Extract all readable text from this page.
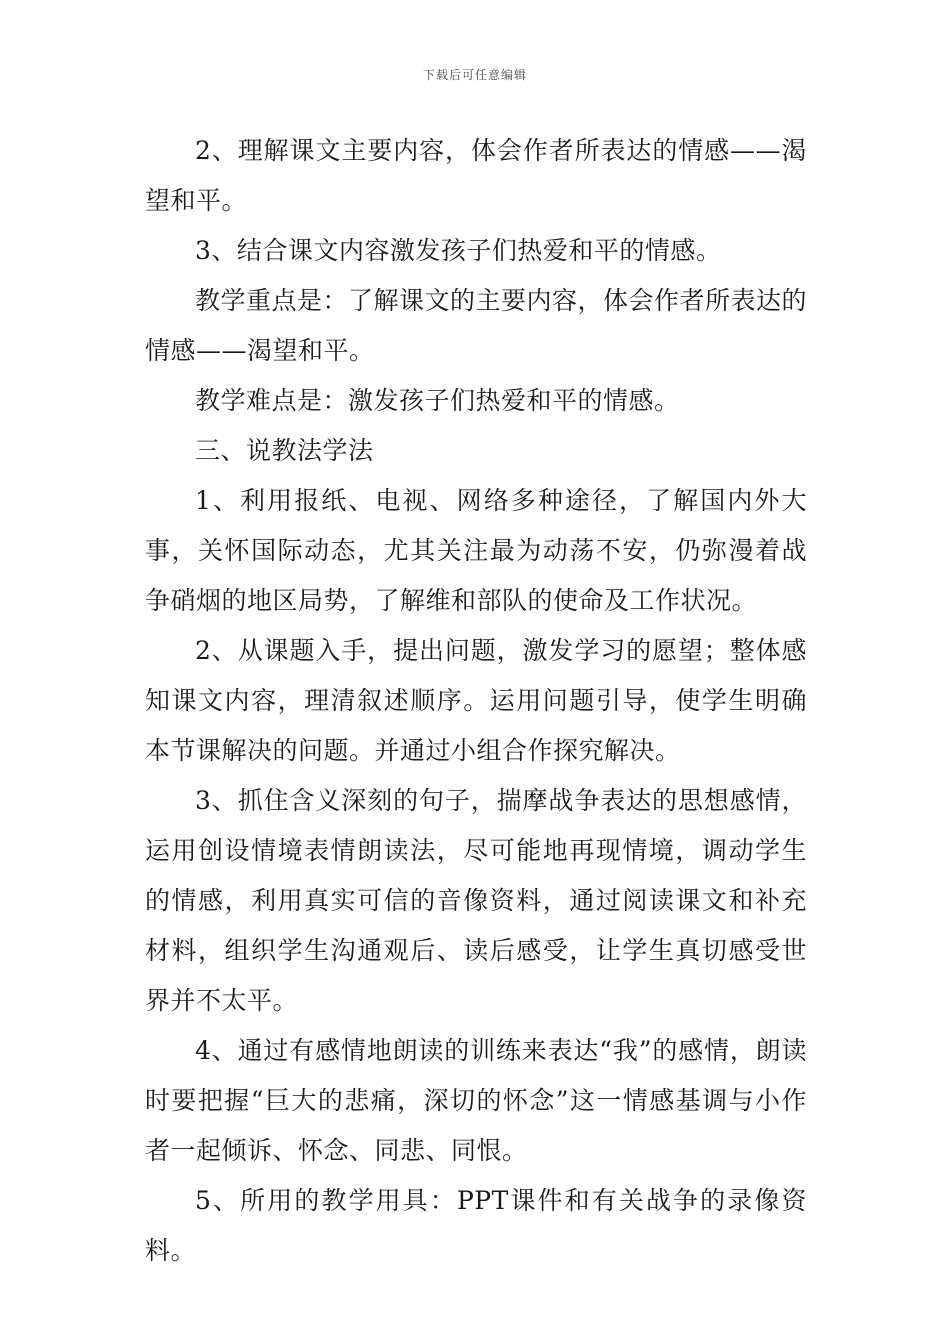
下载后可任意编辑

2、理解课文主要内容，体会作者所表达的情感——渴望和平。

3、结合课文内容激发孩子们热爱和平的情感。

教学重点是：了解课文的主要内容，体会作者所表达的情感——渴望和平。

教学难点是：激发孩子们热爱和平的情感。

三、说教法学法

1、利用报纸、电视、网络多种途径，了解国内外大事，关怀国际动态，尤其关注最为动荡不安，仍弥漫着战争硝烟的地区局势，了解维和部队的使命及工作状况。

2、从课题入手，提出问题，激发学习的愿望；整体感知课文内容，理清叙述顺序。运用问题引导，使学生明确本节课解决的问题。并通过小组合作探究解决。

3、抓住含义深刻的句子，揣摩战争表达的思想感情，运用创设情境表情朗读法，尽可能地再现情境，调动学生的情感，利用真实可信的音像资料，通过阅读课文和补充材料，组织学生沟通观后、读后感受，让学生真切感受世界并不太平。

4、通过有感情地朗读的训练来表达“我”的感情，朗读时要把握“巨大的悲痛，深切的怀念”这一情感基调与小作者一起倾诉、怀念、同悲、同恨。

5、所用的教学用具：PPT课件和有关战争的录像资料。
